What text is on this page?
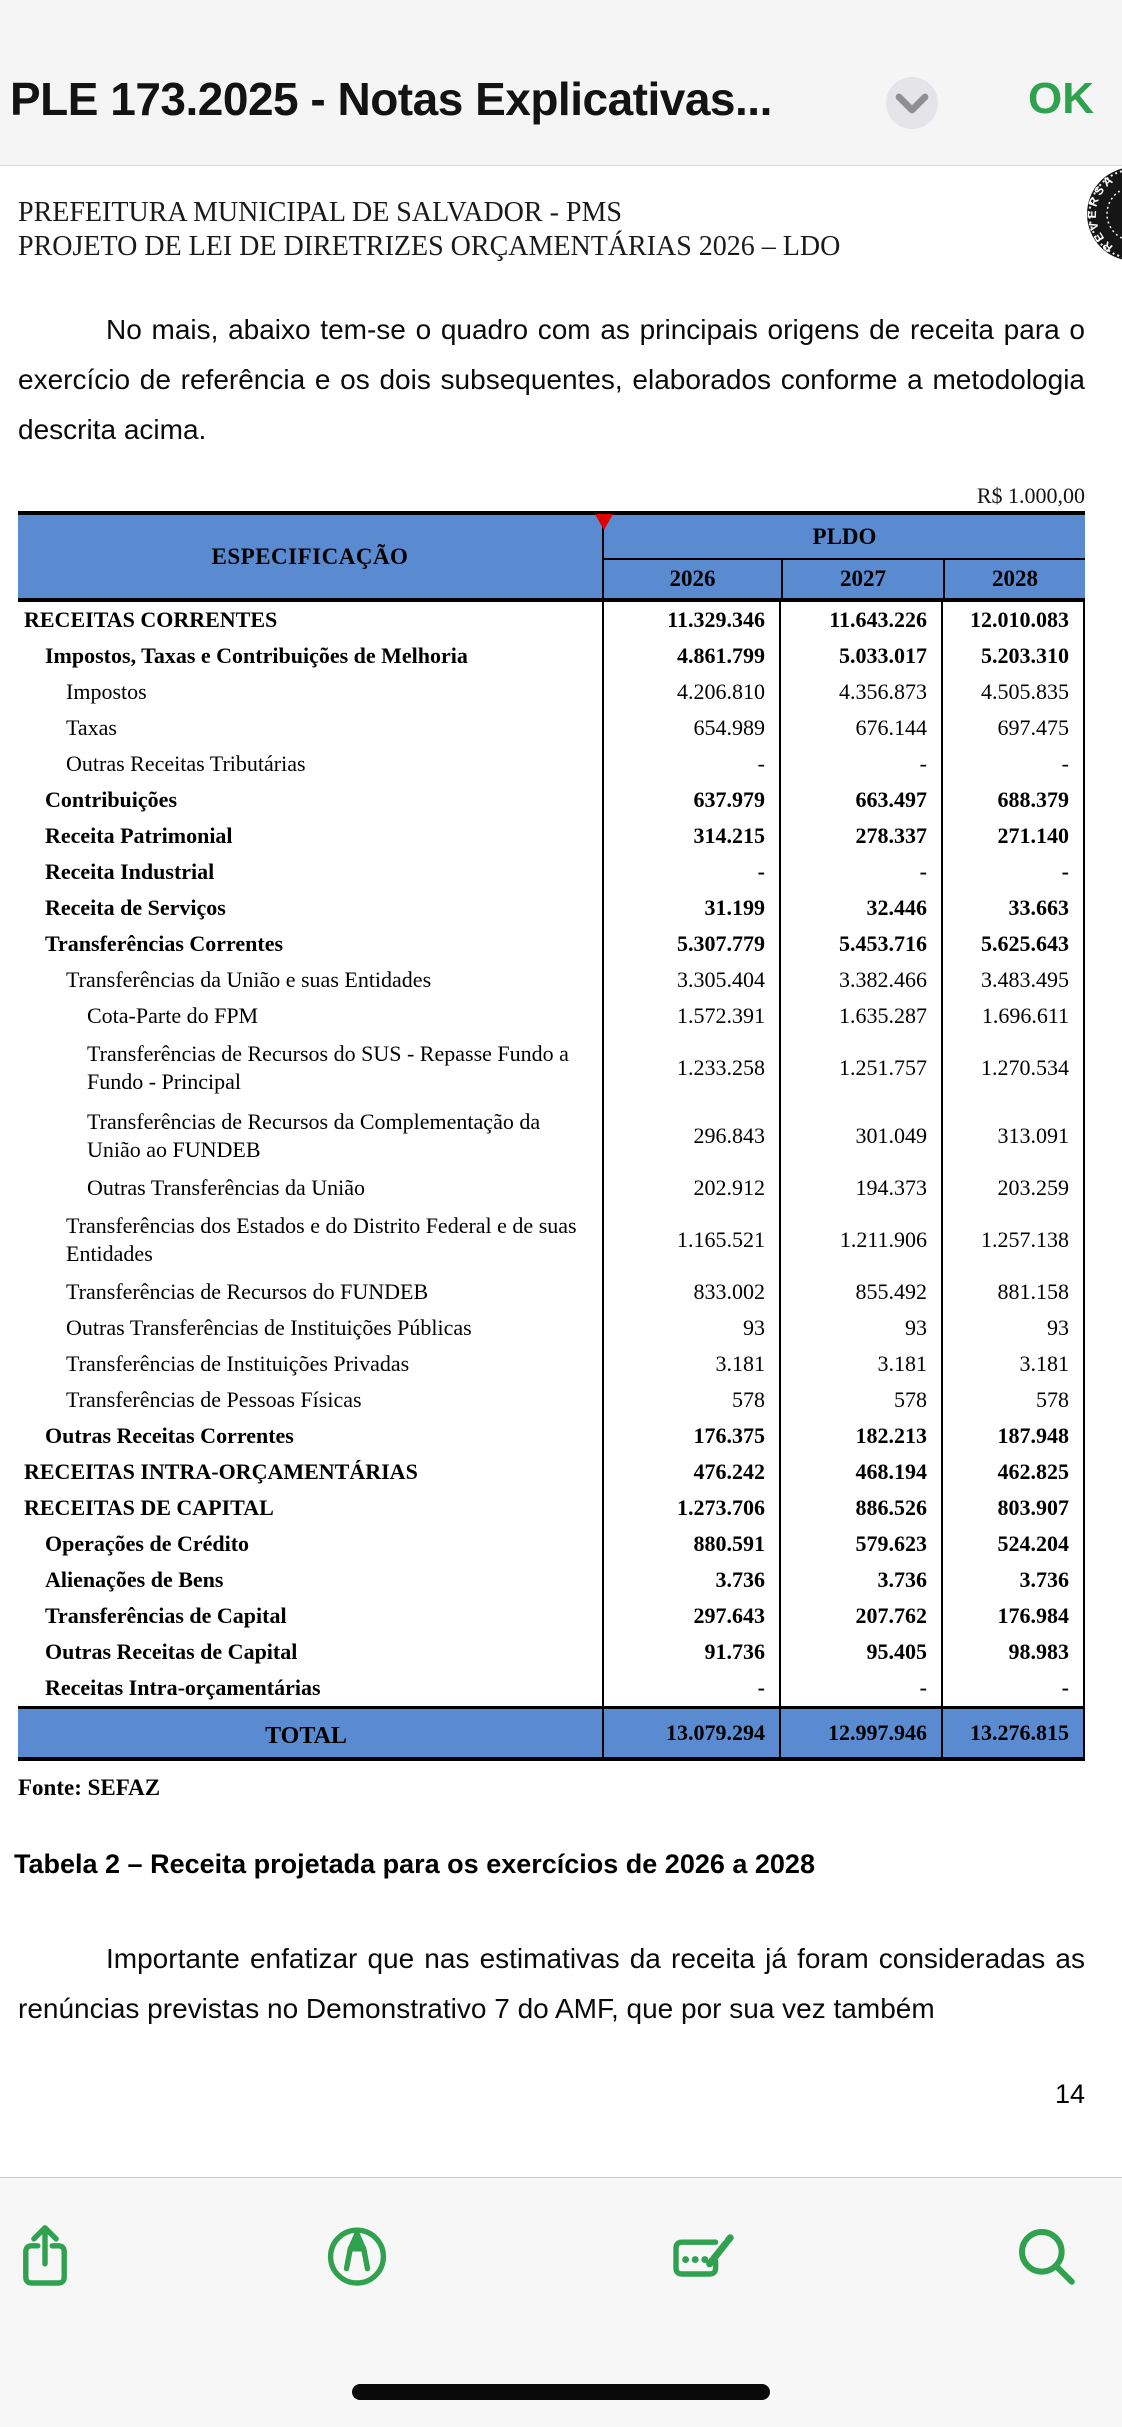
PLE 173.2025 - Notas Explicativas...	OK
PREFEITURA MUNICIPAL DE SALVADOR - PMS
PROJETO DE LEI DE DIRETRIZES ORÇAMENTÁRIAS 2026 – LDO	REVERSA

No mais, abaixo tem-se o quadro com as principais origens de receita para o exercício de referência e os dois subsequentes, elaborados conforme a metodologia descrita acima.

R$ 1.000,00
ESPECIFICAÇÃO
PLDO
2026	2027	2028
RECEITAS CORRENTES	11.329.346	11.643.226	12.010.083
Impostos, Taxas e Contribuições de Melhoria	4.861.799	5.033.017	5.203.310
Impostos	4.206.810	4.356.873	4.505.835
Taxas	654.989	676.144	697.475
Outras Receitas Tributárias	-	-	-
Contribuições	637.979	663.497	688.379
Receita Patrimonial	314.215	278.337	271.140
Receita Industrial	-	-	-
Receita de Serviços	31.199	32.446	33.663
Transferências Correntes	5.307.779	5.453.716	5.625.643
Transferências da União e suas Entidades	3.305.404	3.382.466	3.483.495
Cota-Parte do FPM	1.572.391	1.635.287	1.696.611
Transferências de Recursos do SUS - Repasse Fundo a Fundo - Principal
1.233.258	1.251.757	1.270.534
Transferências de Recursos da Complementação da União ao FUNDEB
296.843	301.049	313.091
Outras Transferências da União	202.912	194.373	203.259
Transferências dos Estados e do Distrito Federal e de suas Entidades
1.165.521	1.211.906	1.257.138
Transferências de Recursos do FUNDEB	833.002	855.492	881.158
Outras Transferências de Instituições Públicas	93	93	93
Transferências de Instituições Privadas	3.181	3.181	3.181
Transferências de Pessoas Físicas	578	578	578
Outras Receitas Correntes	176.375	182.213	187.948
RECEITAS INTRA-ORÇAMENTÁRIAS	476.242	468.194	462.825
RECEITAS DE CAPITAL	1.273.706	886.526	803.907
Operações de Crédito	880.591	579.623	524.204
Alienações de Bens	3.736	3.736	3.736
Transferências de Capital	297.643	207.762	176.984
Outras Receitas de Capital	91.736	95.405	98.983
Receitas Intra-orçamentárias	-	-	-
TOTAL	13.079.294	12.997.946	13.276.815
Fonte: SEFAZ
Tabela 2 – Receita projetada para os exercícios de 2026 a 2028

Importante enfatizar que nas estimativas da receita já foram consideradas as renúncias previstas no Demonstrativo 7 do AMF, que por sua vez também

14
